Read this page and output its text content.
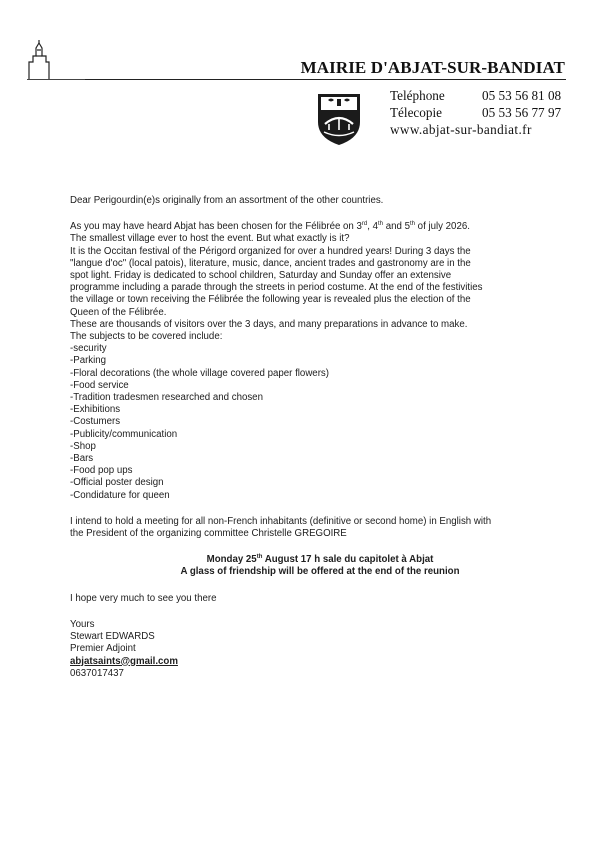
MAIRIE D'ABJAT-SUR-BANDIAT
Teléphone	05 53 56 81 08
Télecopie	05 53 56 77 97
www.abjat-sur-bandiat.fr
Dear Perigourdin(e)s originally from an assortment of the other countries.
As you may have heard Abjat has been chosen for the Félibrée on 3rd, 4th and 5th of july 2026.
The smallest village ever to host the event. But what exactly is it?
It is the Occitan festival of the Périgord organized for over a hundred years! During 3 days the
"langue d'oc" (local patois), literature, music, dance, ancient trades and gastronomy are in the
spot light. Friday is dedicated to school children, Saturday and Sunday offer an extensive
programme including a parade through the streets in period costume. At the end of the festivities
the village or town receiving the Félibrée the following year is revealed plus the election of the
Queen of the Félibrée.
These are thousands of visitors over the 3 days, and many preparations in advance to make.
The subjects to be covered include:
-security
-Parking
-Floral decorations (the whole village covered paper flowers)
-Food service
-Tradition tradesmen researched and chosen
-Exhibitions
-Costumers
-Publicity/communication
-Shop
-Bars
-Food pop ups
-Official poster design
-Condidature for queen
I intend to hold a meeting for all non-French inhabitants (definitive or second home) in English with
the President of the organizing committee Christelle GREGOIRE
Monday 25th August 17 h sale du capitolet à Abjat
A glass of friendship will be offered at the end of the reunion
I hope very much to see you there
Yours
Stewart EDWARDS
Premier Adjoint
abjatsaints@gmail.com
0637017437
